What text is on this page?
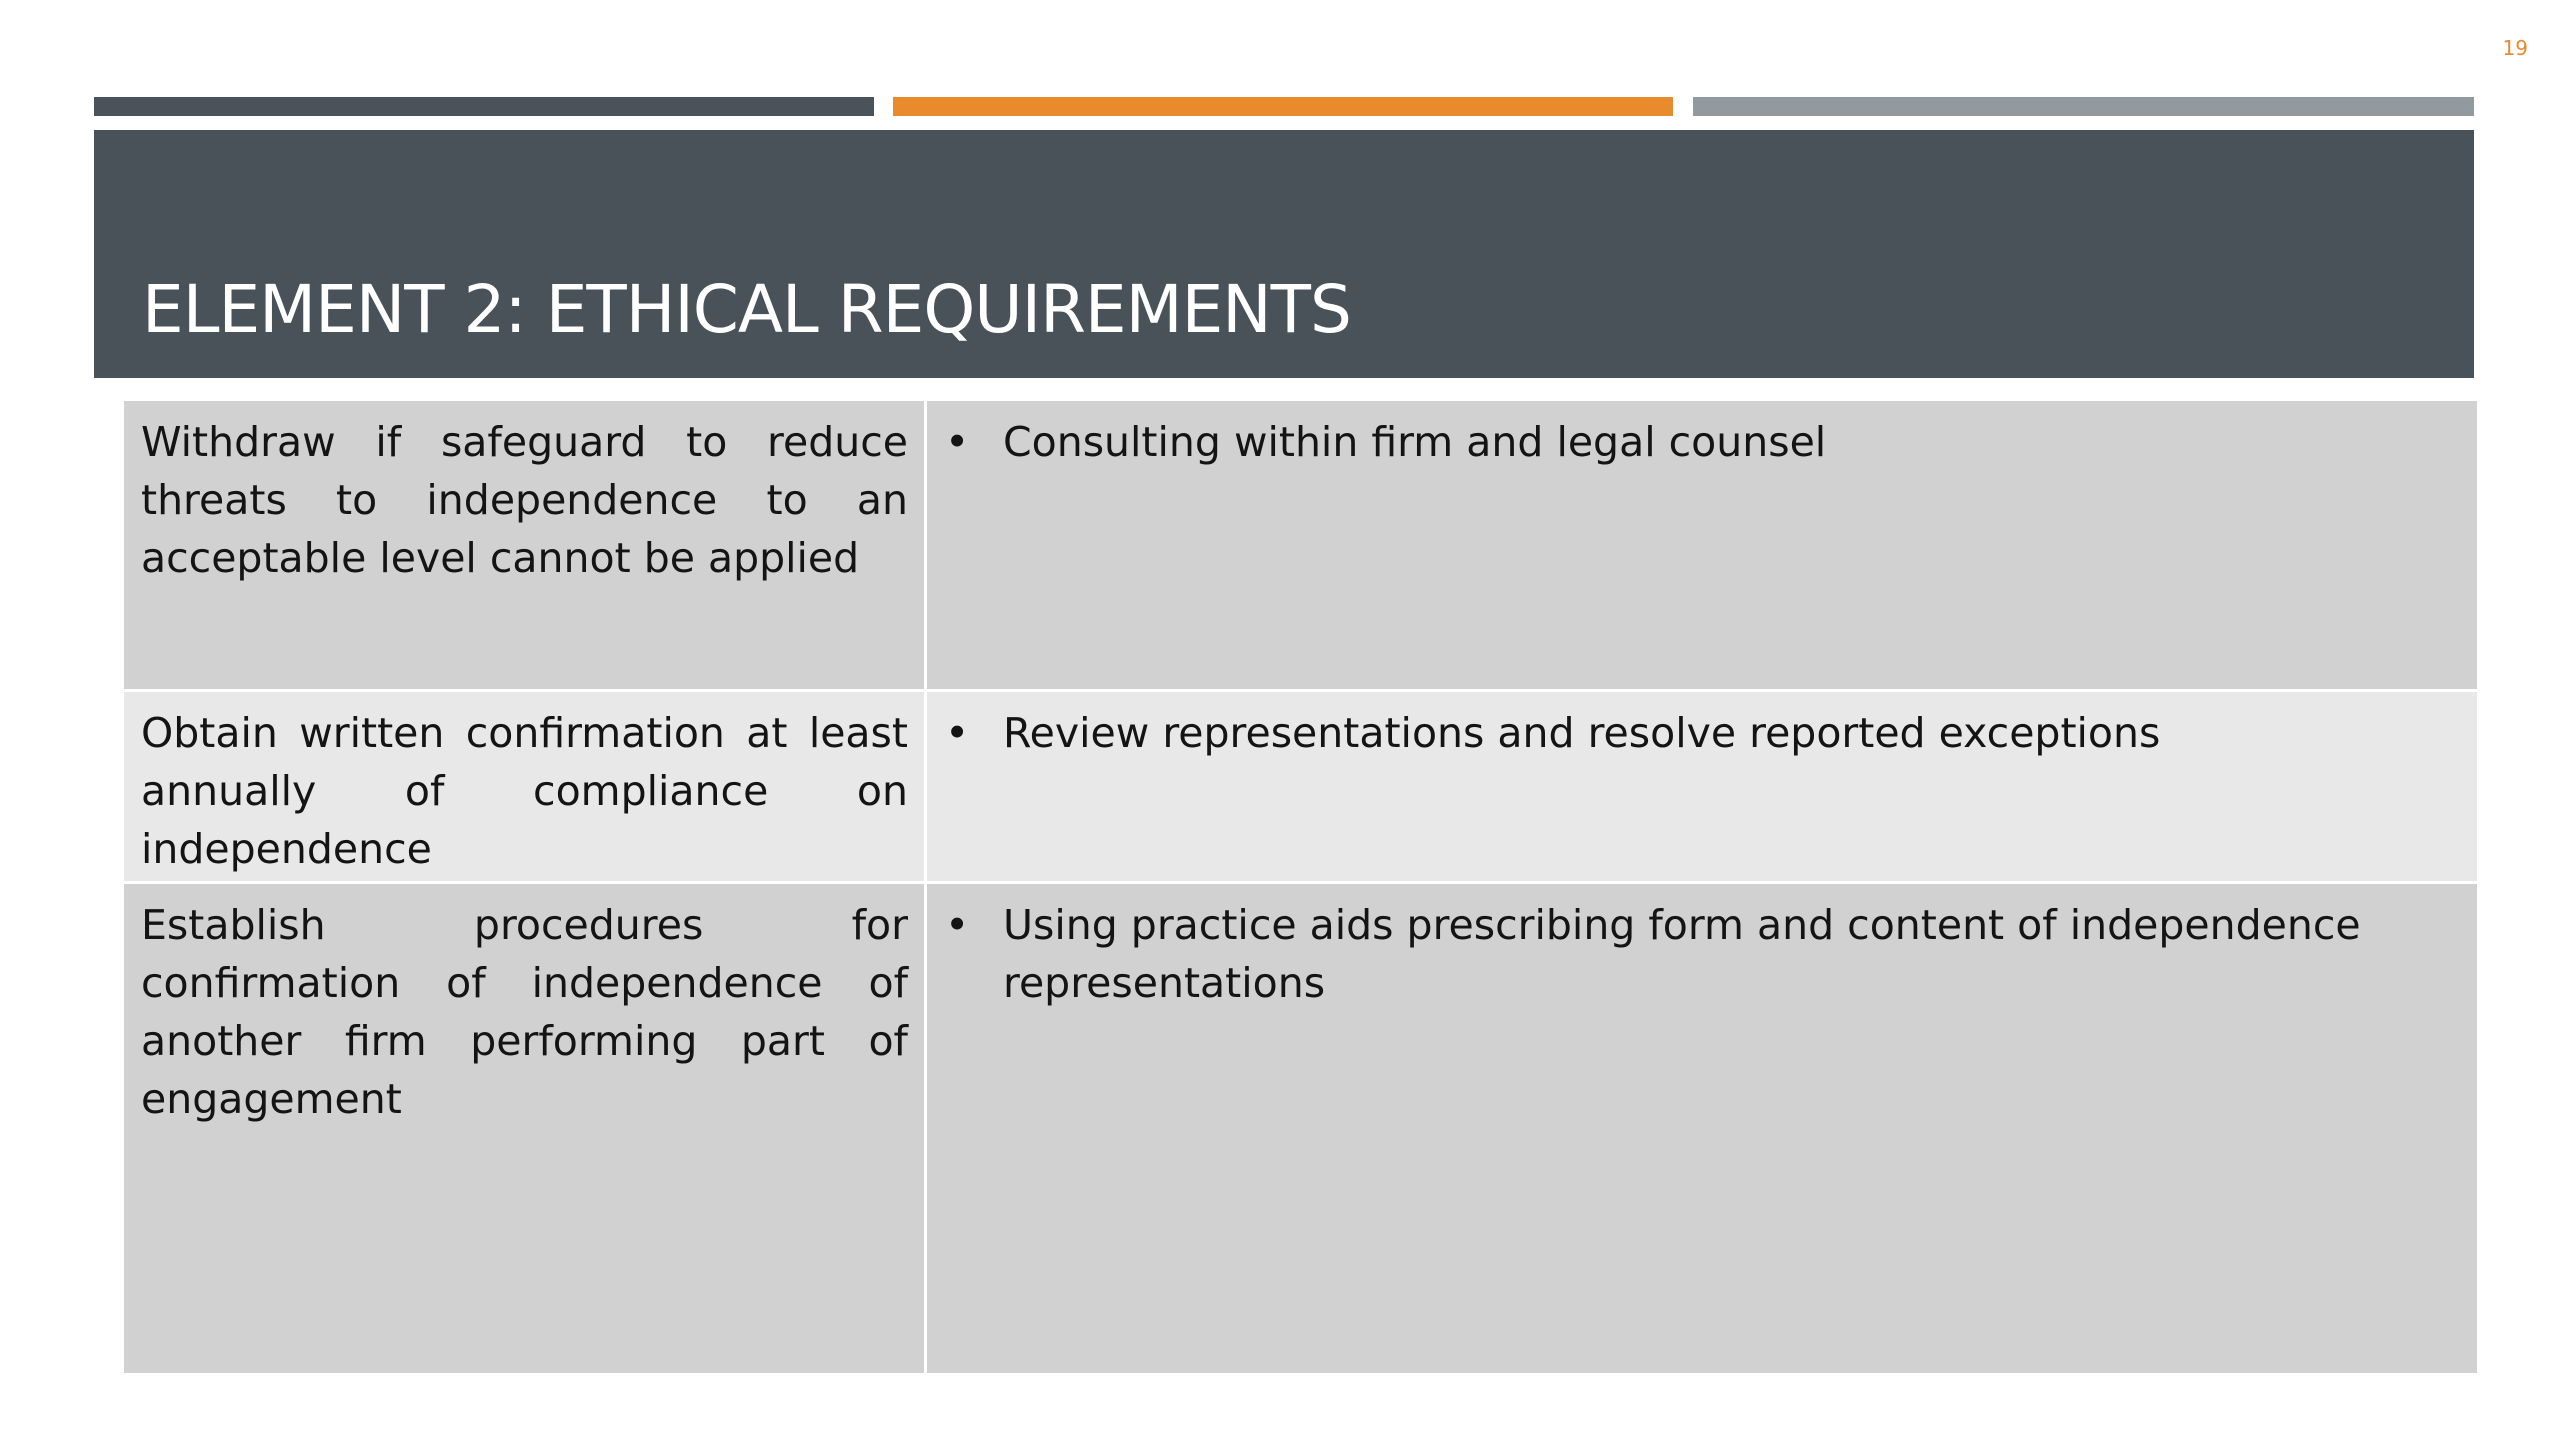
19
ELEMENT 2: ETHICAL REQUIREMENTS
Withdraw if safeguard to reduce threats to independence to an acceptable level cannot be applied
• Consulting within firm and legal counsel
Obtain written confirmation at least annually of compliance on independence
• Review representations and resolve reported exceptions
Establish procedures for confirmation of independence of another firm performing part of engagement
• Using practice aids prescribing form and content of independence representations
